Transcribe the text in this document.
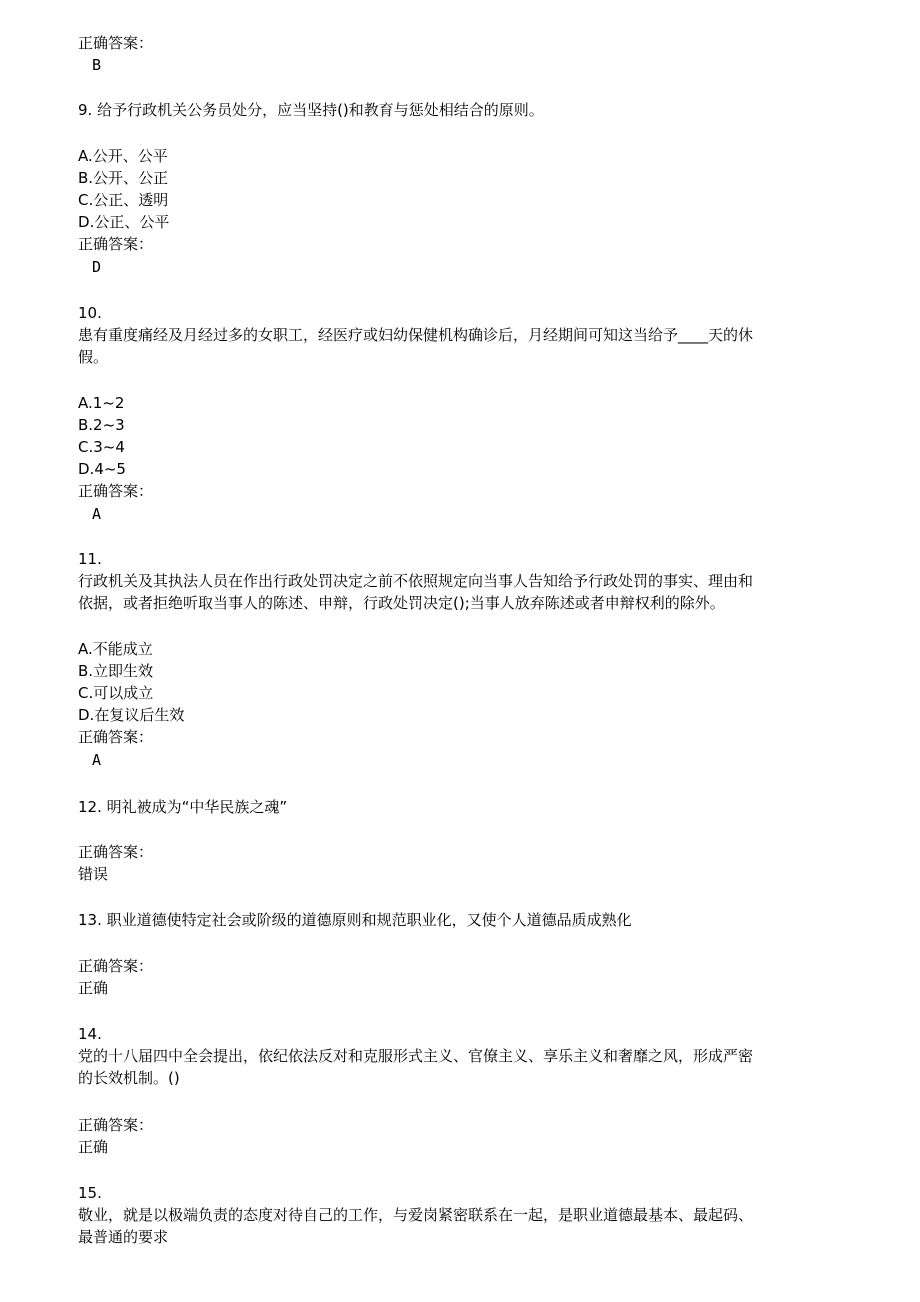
正确答案：
B
9. 给予行政机关公务员处分，应当坚持()和教育与惩处相结合的原则。
A.公开、公平
B.公开、公正
C.公正、透明
D.公正、公平
正确答案：
D
10.
患有重度痛经及月经过多的女职工，经医疗或妇幼保健机构确诊后，月经期间可知这当给予____天的休
假。
A.1~2
B.2~3
C.3~4
D.4~5
正确答案：
A
11.
行政机关及其执法人员在作出行政处罚决定之前不依照规定向当事人告知给予行政处罚的事实、理由和
依据，或者拒绝听取当事人的陈述、申辩，行政处罚决定();当事人放弃陈述或者申辩权利的除外。
A.不能成立
B.立即生效
C.可以成立
D.在复议后生效
正确答案：
A
12. 明礼被成为“中华民族之魂”
正确答案：
错误
13. 职业道德使特定社会或阶级的道德原则和规范职业化，又使个人道德品质成熟化
正确答案：
正确
14.
党的十八届四中全会提出，依纪依法反对和克服形式主义、官僚主义、享乐主义和奢靡之风，形成严密
的长效机制。()
正确答案：
正确
15.
敬业，就是以极端负责的态度对待自己的工作，与爱岗紧密联系在一起，是职业道德最基本、最起码、
最普通的要求
